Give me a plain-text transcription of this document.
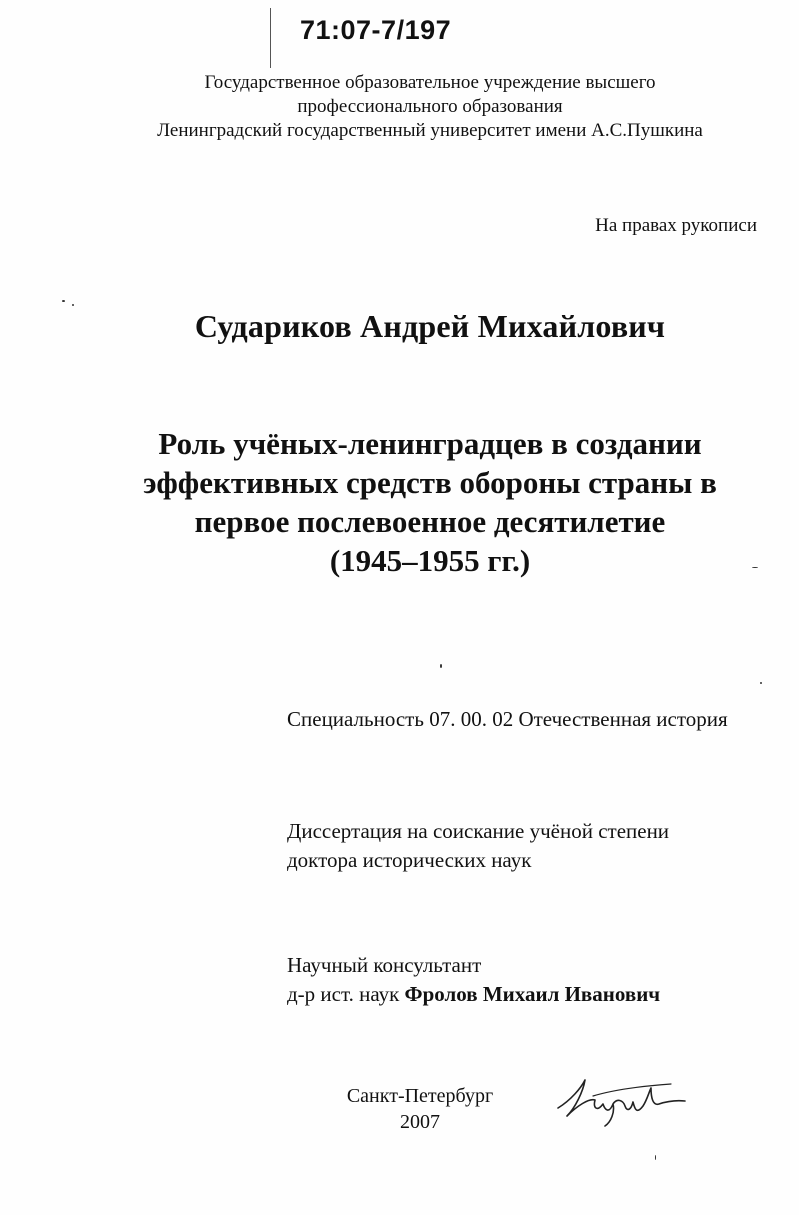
71:07-7/197
Государственное образовательное учреждение высшего
профессионального образования
Ленинградский государственный университет имени А.С.Пушкина
На правах рукописи
Судариков Андрей Михайлович
Роль учёных-ленинградцев в создании
эффективных средств обороны страны в
первое послевоенное десятилетие
(1945–1955 гг.)
Специальность 07. 00. 02 Отечественная история
Диссертация на соискание учёной степени
доктора исторических наук
Научный консультант
д-р ист. наук Фролов Михаил Иванович
Санкт-Петербург
2007
